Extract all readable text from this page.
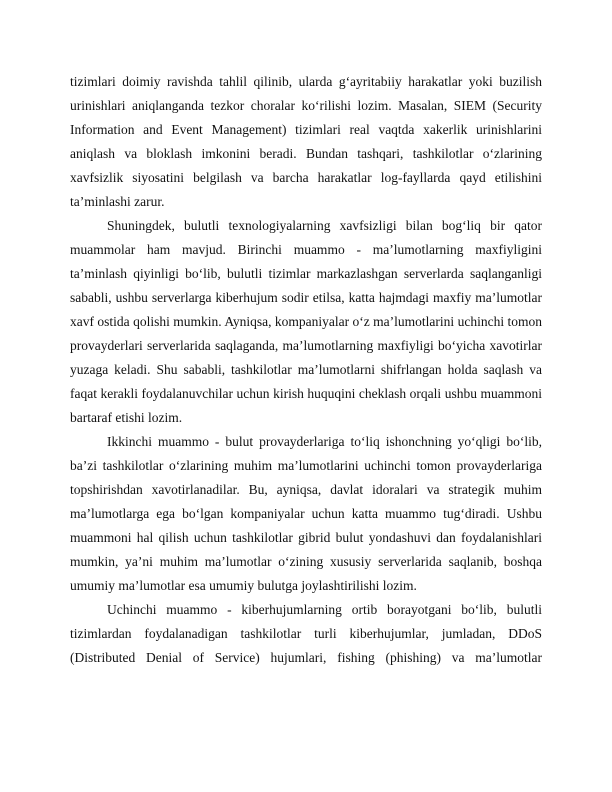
tizimlari doimiy ravishda tahlil qilinib, ularda g‘ayritabiiy harakatlar yoki buzilish urinishlari aniqlanganda tezkor choralar ko‘rilishi lozim. Masalan, SIEM (Security Information and Event Management) tizimlari real vaqtda xakerlik urinishlarini aniqlash va bloklash imkonini beradi. Bundan tashqari, tashkilotlar o‘zlarining xavfsizlik siyosatini belgilash va barcha harakatlar log-fayllarda qayd etilishini ta’minlashi zarur.

Shuningdek, bulutli texnologiyalarning xavfsizligi bilan bog‘liq bir qator muammolar ham mavjud. Birinchi muammo - ma’lumotlarning maxfiyligini ta’minlash qiyinligi bo‘lib, bulutli tizimlar markazlashgan serverlarda saqlanganligi sababli, ushbu serverlarga kiberhujum sodir etilsa, katta hajmdagi maxfiy ma’lumotlar xavf ostida qolishi mumkin. Ayniqsa, kompaniyalar o‘z ma’lumotlarini uchinchi tomon provayderlari serverlarida saqlaganda, ma’lumotlarning maxfiyligi bo‘yicha xavotirlar yuzaga keladi. Shu sababli, tashkilotlar ma’lumotlarni shifrlangan holda saqlash va faqat kerakli foydalanuvchilar uchun kirish huquqini cheklash orqali ushbu muammoni bartaraf etishi lozim.

Ikkinchi muammo - bulut provayderlariga to‘liq ishonchning yo‘qligi bo‘lib, ba’zi tashkilotlar o‘zlarining muhim ma’lumotlarini uchinchi tomon provayderlariga topshirishdan xavotirlanadilar. Bu, ayniqsa, davlat idoralari va strategik muhim ma’lumotlarga ega bo‘lgan kompaniyalar uchun katta muammo tug‘diradi. Ushbu muammoni hal qilish uchun tashkilotlar gibrid bulut yondashuvi dan foydalanishlari mumkin, ya’ni muhim ma’lumotlar o‘zining xususiy serverlarida saqlanib, boshqa umumiy ma’lumotlar esa umumiy bulutga joylashtirilishi lozim.

Uchinchi muammo - kiberhujumlarning ortib borayotgani bo‘lib, bulutli tizimlardan foydalanadigan tashkilotlar turli kiberhujumlar, jumladan, DDoS (Distributed Denial of Service) hujumlari, fishing (phishing) va ma’lumotlar
